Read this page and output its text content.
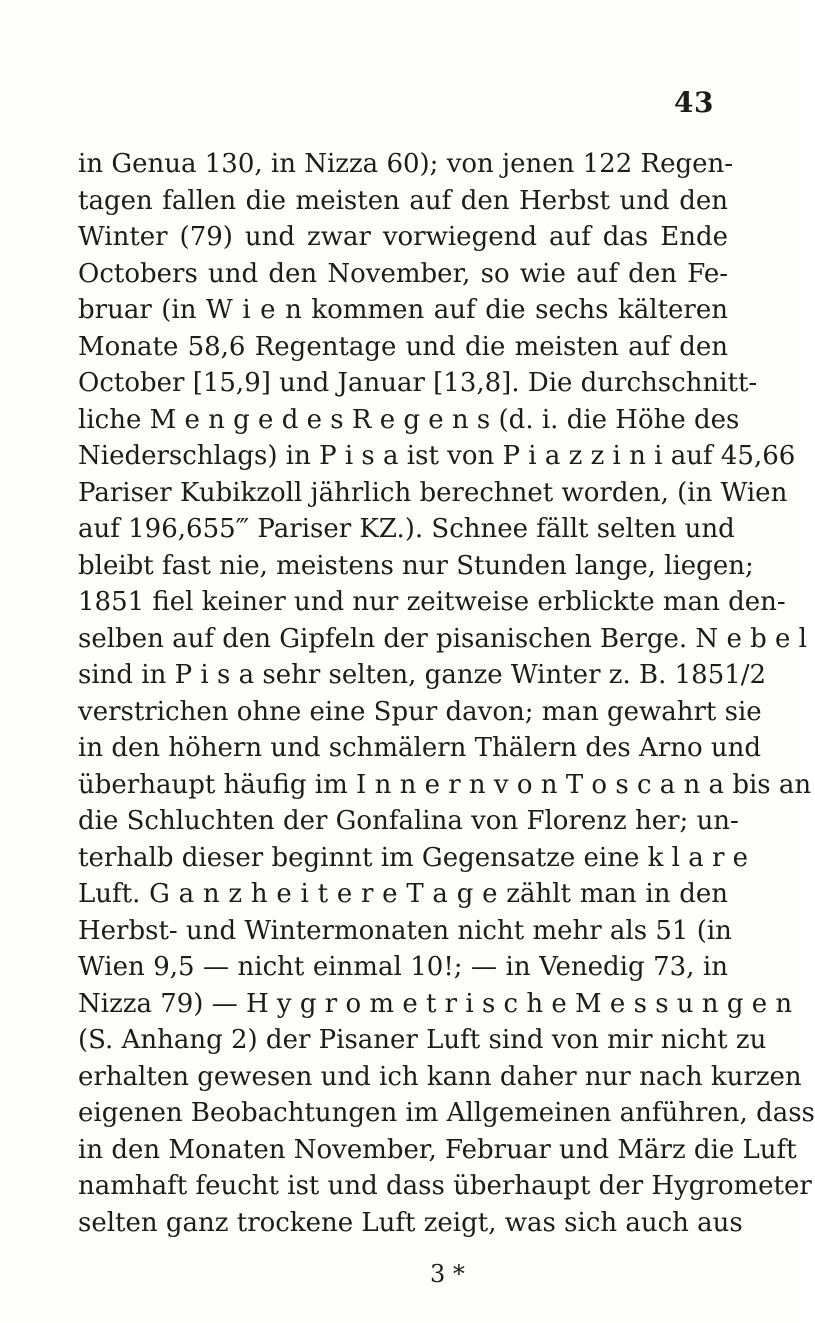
43
in Genua 130, in Nizza 60); von jenen 122 Regen-
tagen fallen die meisten auf den Herbst und den
Winter (79) und zwar vorwiegend auf das Ende
Octobers und den November, so wie auf den Fe-
bruar (in W i e n kommen auf die sechs kälteren
Monate 58,6 Regentage und die meisten auf den
October [15,9] und Januar [13,8]. Die durchschnitt-
liche M e n g e d e s R e g e n s (d. i. die Höhe des
Niederschlags) in P i s a ist von P i a z z i n i auf 45,66
Pariser Kubikzoll jährlich berechnet worden, (in Wien
auf 196,655‴ Pariser KZ.). Schnee fällt selten und
bleibt fast nie, meistens nur Stunden lange, liegen;
1851 fiel keiner und nur zeitweise erblickte man den-
selben auf den Gipfeln der pisanischen Berge. N e b e l
sind in P i s a sehr selten, ganze Winter z. B. 1851/2
verstrichen ohne eine Spur davon; man gewahrt sie
in den höhern und schmälern Thälern des Arno und
überhaupt häufig im I n n e r n v o n T o s c a n a bis an
die Schluchten der Gonfalina von Florenz her; un-
terhalb dieser beginnt im Gegensatze eine k l a r e
Luft. G a n z h e i t e r e T a g e zählt man in den
Herbst- und Wintermonaten nicht mehr als 51 (in
Wien 9,5 — nicht einmal 10!; — in Venedig 73, in
Nizza 79) — H y g r o m e t r i s c h e M e s s u n g e n
(S. Anhang 2) der Pisaner Luft sind von mir nicht zu
erhalten gewesen und ich kann daher nur nach kurzen
eigenen Beobachtungen im Allgemeinen anführen, dass
in den Monaten November, Februar und März die Luft
namhaft feucht ist und dass überhaupt der Hygrometer
selten ganz trockene Luft zeigt, was sich auch aus
3 *
